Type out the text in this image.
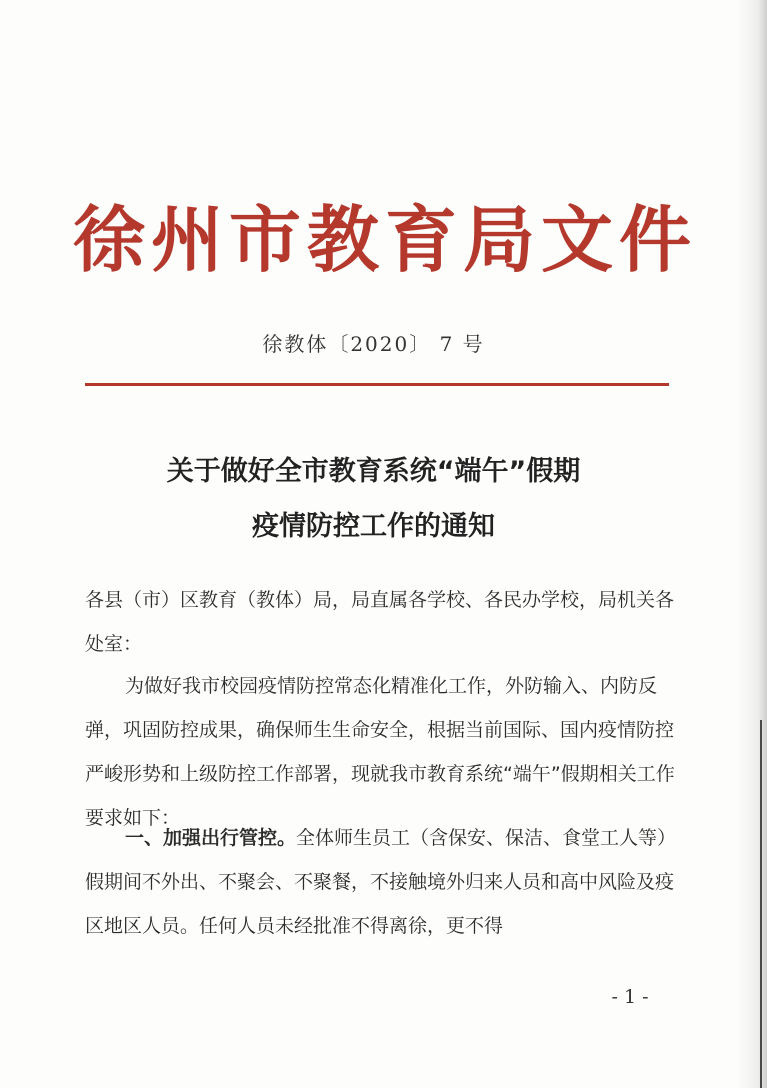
徐州市教育局文件
徐教体〔2020〕 7 号
关于做好全市教育系统“端午”假期
疫情防控工作的通知

各县（市）区教育（教体）局，局直属各学校、各民办学校，局机关各处室：

为做好我市校园疫情防控常态化精准化工作，外防输入、内防反弹，巩固防控成果，确保师生生命安全，根据当前国际、国内疫情防控严峻形势和上级防控工作部署，现就我市教育系统“端午”假期相关工作要求如下：

一、加强出行管控。全体师生员工（含保安、保洁、食堂工人等）假期间不外出、不聚会、不聚餐，不接触境外归来人员和高中风险及疫区地区人员。任何人员未经批准不得离徐，更不得

- 1 -
